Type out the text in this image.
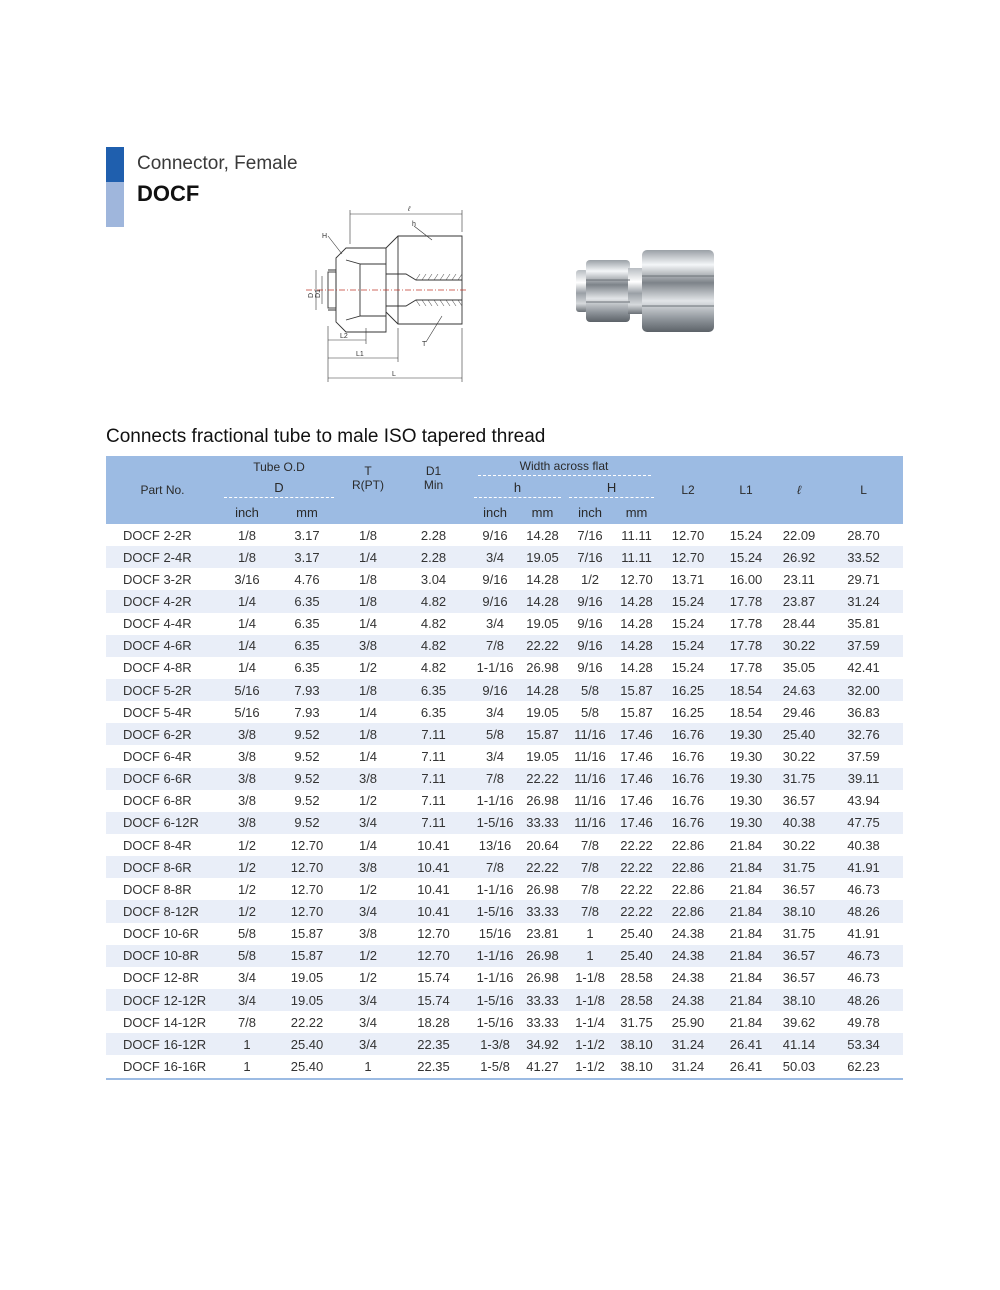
Connector, Female
DOCF
ℓ
h
H
D D1
L2
L1
L
T
Connects fractional tube to male ISO tapered thread
Part No.	Tube O.D		T
R(PT)	D1
Min	Width across flat				L2	L1	ℓ	L
	D				h		H					
	inch	mm			inch	mm	inch	mm				
DOCF 2-2R	1/8	3.17	1/8	2.28	9/16	14.28	7/16	11.11	12.70	15.24	22.09	28.70
DOCF 2-4R	1/8	3.17	1/4	2.28	3/4	19.05	7/16	11.11	12.70	15.24	26.92	33.52
DOCF 3-2R	3/16	4.76	1/8	3.04	9/16	14.28	1/2	12.70	13.71	16.00	23.11	29.71
DOCF 4-2R	1/4	6.35	1/8	4.82	9/16	14.28	9/16	14.28	15.24	17.78	23.87	31.24
DOCF 4-4R	1/4	6.35	1/4	4.82	3/4	19.05	9/16	14.28	15.24	17.78	28.44	35.81
DOCF 4-6R	1/4	6.35	3/8	4.82	7/8	22.22	9/16	14.28	15.24	17.78	30.22	37.59
DOCF 4-8R	1/4	6.35	1/2	4.82	1-1/16	26.98	9/16	14.28	15.24	17.78	35.05	42.41
DOCF 5-2R	5/16	7.93	1/8	6.35	9/16	14.28	5/8	15.87	16.25	18.54	24.63	32.00
DOCF 5-4R	5/16	7.93	1/4	6.35	3/4	19.05	5/8	15.87	16.25	18.54	29.46	36.83
DOCF 6-2R	3/8	9.52	1/8	7.11	5/8	15.87	11/16	17.46	16.76	19.30	25.40	32.76
DOCF 6-4R	3/8	9.52	1/4	7.11	3/4	19.05	11/16	17.46	16.76	19.30	30.22	37.59
DOCF 6-6R	3/8	9.52	3/8	7.11	7/8	22.22	11/16	17.46	16.76	19.30	31.75	39.11
DOCF 6-8R	3/8	9.52	1/2	7.11	1-1/16	26.98	11/16	17.46	16.76	19.30	36.57	43.94
DOCF 6-12R	3/8	9.52	3/4	7.11	1-5/16	33.33	11/16	17.46	16.76	19.30	40.38	47.75
DOCF 8-4R	1/2	12.70	1/4	10.41	13/16	20.64	7/8	22.22	22.86	21.84	30.22	40.38
DOCF 8-6R	1/2	12.70	3/8	10.41	7/8	22.22	7/8	22.22	22.86	21.84	31.75	41.91
DOCF 8-8R	1/2	12.70	1/2	10.41	1-1/16	26.98	7/8	22.22	22.86	21.84	36.57	46.73
DOCF 8-12R	1/2	12.70	3/4	10.41	1-5/16	33.33	7/8	22.22	22.86	21.84	38.10	48.26
DOCF 10-6R	5/8	15.87	3/8	12.70	15/16	23.81	1	25.40	24.38	21.84	31.75	41.91
DOCF 10-8R	5/8	15.87	1/2	12.70	1-1/16	26.98	1	25.40	24.38	21.84	36.57	46.73
DOCF 12-8R	3/4	19.05	1/2	15.74	1-1/16	26.98	1-1/8	28.58	24.38	21.84	36.57	46.73
DOCF 12-12R	3/4	19.05	3/4	15.74	1-5/16	33.33	1-1/8	28.58	24.38	21.84	38.10	48.26
DOCF 14-12R	7/8	22.22	3/4	18.28	1-5/16	33.33	1-1/4	31.75	25.90	21.84	39.62	49.78
DOCF 16-12R	1	25.40	3/4	22.35	1-3/8	34.92	1-1/2	38.10	31.24	26.41	41.14	53.34
DOCF 16-16R	1	25.40	1	22.35	1-5/8	41.27	1-1/2	38.10	31.24	26.41	50.03	62.23
